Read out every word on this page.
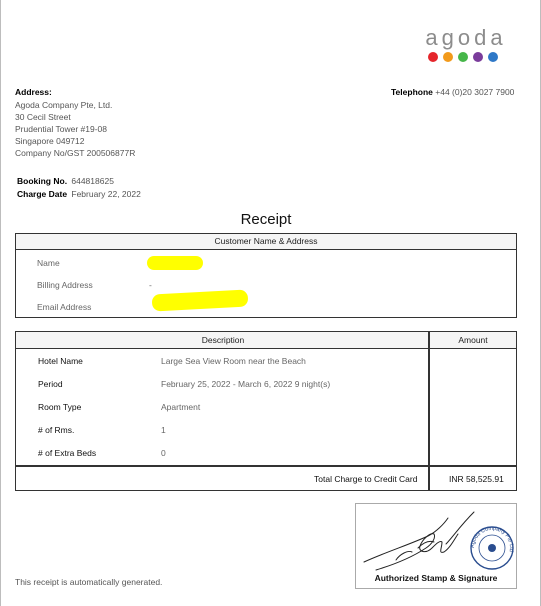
agoda
Address:
Agoda Company Pte, Ltd.
30 Cecil Street
Prudential Tower #19-08
Singapore 049712
Company No/GST 200506877R
Telephone +44 (0)20 3027 7900
Booking No. 644818625
Charge Date February 22, 2022
Receipt
Customer Name & Address
Name
Billing Address	-
Email Address
Description	Amount
Hotel Name	Large Sea View Room near the Beach
Period	February 25, 2022 - March 6, 2022 9 night(s)
Room Type	Apartment
# of Rms.	1
# of Extra Beds	0
Total Charge to Credit Card	INR 58,525.91
Agoda Company Pte Ltd
Authorized Stamp & Signature
This receipt is automatically generated.
